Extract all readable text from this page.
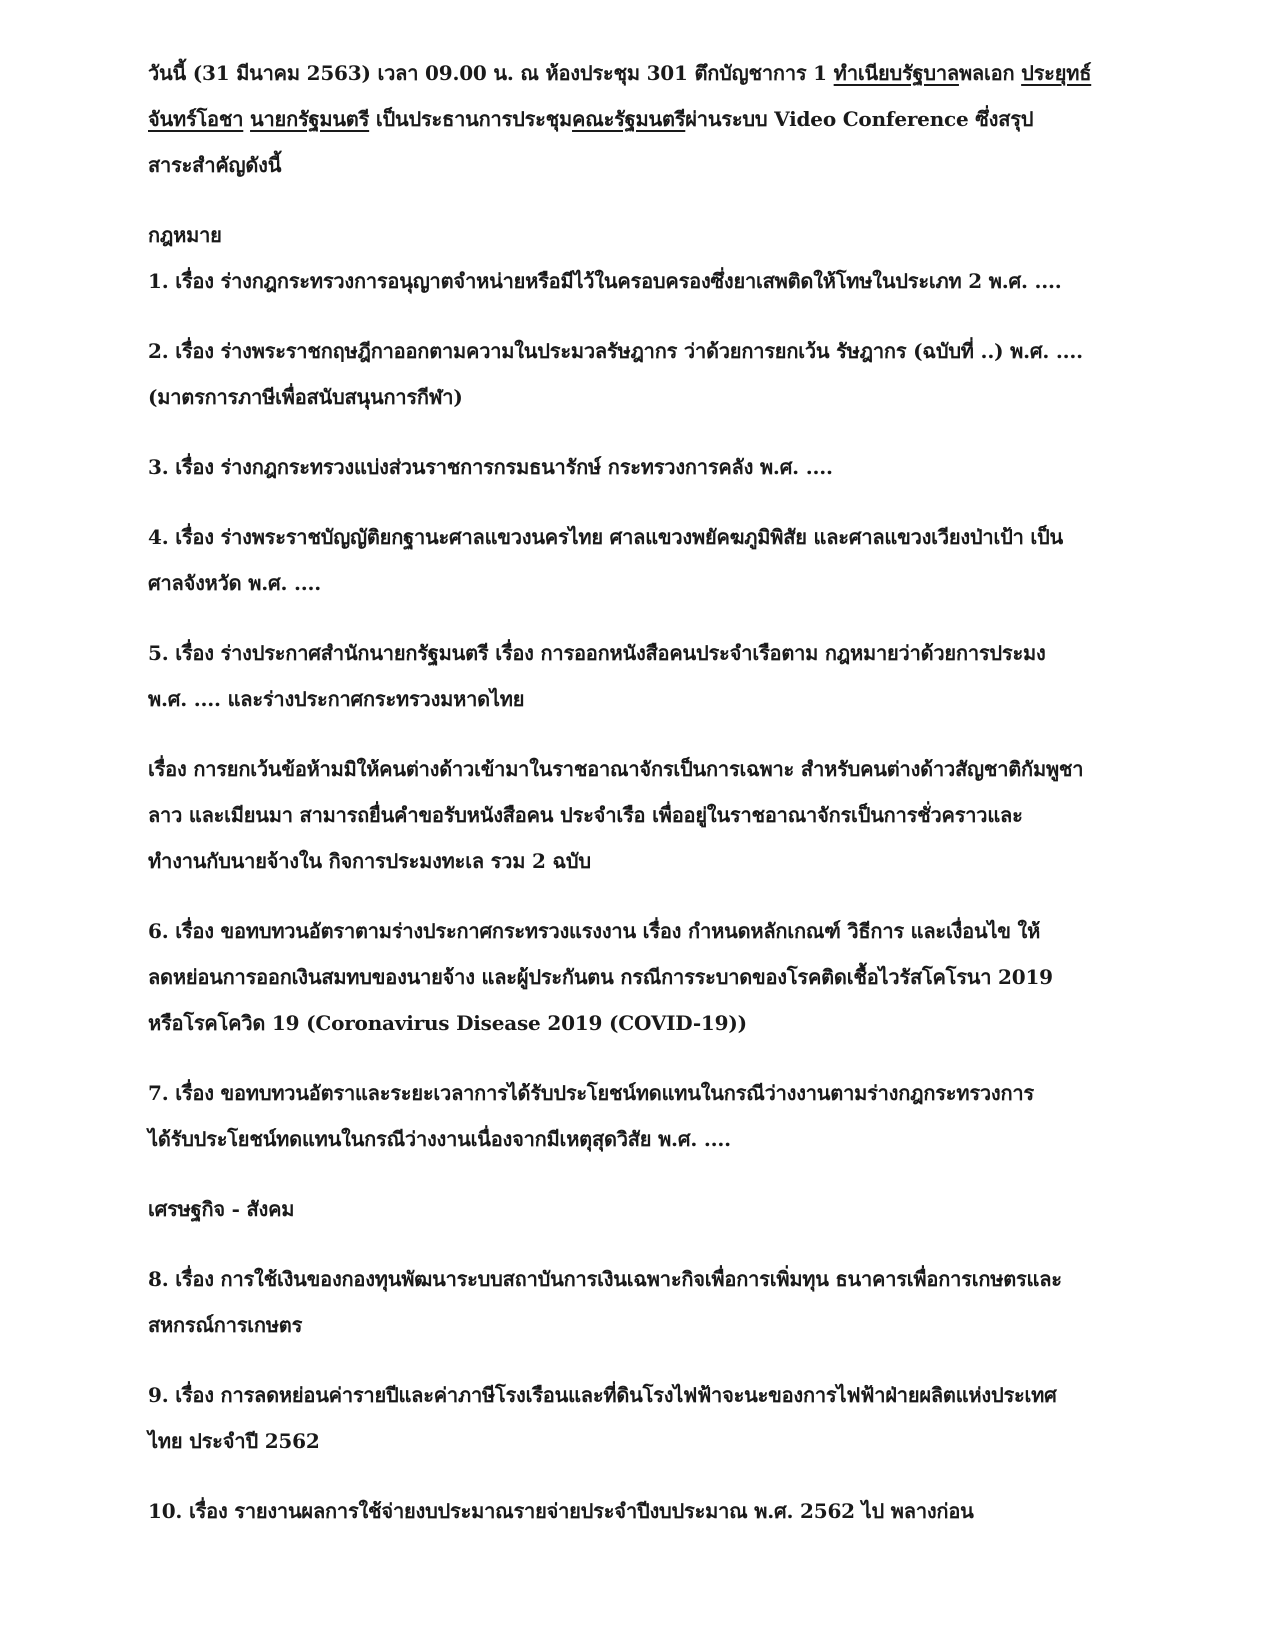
วันนี้ (31 มีนาคม 2563) เวลา 09.00 น. ณ ห้องประชุม 301 ตึกบัญชาการ 1 ทำเนียบรัฐบาลพลเอก ประยุทธ์
จันทร์โอชา นายกรัฐมนตรี เป็นประธานการประชุมคณะรัฐมนตรีผ่านระบบ Video Conference ซึ่งสรุป
สาระสำคัญดังนี้
กฎหมาย
1. เรื่อง ร่างกฎกระทรวงการอนุญาตจำหน่ายหรือมีไว้ในครอบครองซึ่งยาเสพติดให้โทษในประเภท 2 พ.ศ. ....
2. เรื่อง ร่างพระราชกฤษฎีกาออกตามความในประมวลรัษฎากร ว่าด้วยการยกเว้น รัษฎากร (ฉบับที่ ..) พ.ศ. ....
(มาตรการภาษีเพื่อสนับสนุนการกีฬา)
3. เรื่อง ร่างกฎกระทรวงแบ่งส่วนราชการกรมธนารักษ์ กระทรวงการคลัง พ.ศ. ....
4. เรื่อง ร่างพระราชบัญญัติยกฐานะศาลแขวงนครไทย ศาลแขวงพยัคฆภูมิพิสัย และศาลแขวงเวียงป่าเป้า เป็น
ศาลจังหวัด พ.ศ. ....
5. เรื่อง ร่างประกาศสำนักนายกรัฐมนตรี เรื่อง การออกหนังสือคนประจำเรือตาม กฎหมายว่าด้วยการประมง
พ.ศ. .... และร่างประกาศกระทรวงมหาดไทย
เรื่อง การยกเว้นข้อห้ามมิให้คนต่างด้าวเข้ามาในราชอาณาจักรเป็นการเฉพาะ สำหรับคนต่างด้าวสัญชาติกัมพูชา
ลาว และเมียนมา สามารถยื่นคำขอรับหนังสือคน ประจำเรือ เพื่ออยู่ในราชอาณาจักรเป็นการชั่วคราวและ
ทำงานกับนายจ้างใน กิจการประมงทะเล รวม 2 ฉบับ
6. เรื่อง ขอทบทวนอัตราตามร่างประกาศกระทรวงแรงงาน เรื่อง กำหนดหลักเกณฑ์ วิธีการ และเงื่อนไข ให้
ลดหย่อนการออกเงินสมทบของนายจ้าง และผู้ประกันตน กรณีการระบาดของโรคติดเชื้อไวรัสโคโรนา 2019
หรือโรคโควิด 19 (Coronavirus Disease 2019 (COVID-19))
7. เรื่อง ขอทบทวนอัตราและระยะเวลาการได้รับประโยชน์ทดแทนในกรณีว่างงานตามร่างกฎกระทรวงการ
ได้รับประโยชน์ทดแทนในกรณีว่างงานเนื่องจากมีเหตุสุดวิสัย พ.ศ. ....
เศรษฐกิจ - สังคม
8. เรื่อง การใช้เงินของกองทุนพัฒนาระบบสถาบันการเงินเฉพาะกิจเพื่อการเพิ่มทุน ธนาคารเพื่อการเกษตรและ
สหกรณ์การเกษตร
9. เรื่อง การลดหย่อนค่ารายปีและค่าภาษีโรงเรือนและที่ดินโรงไฟฟ้าจะนะของการไฟฟ้าฝ่ายผลิตแห่งประเทศ
ไทย ประจำปี 2562
10. เรื่อง รายงานผลการใช้จ่ายงบประมาณรายจ่ายประจำปีงบประมาณ พ.ศ. 2562 ไป พลางก่อน
